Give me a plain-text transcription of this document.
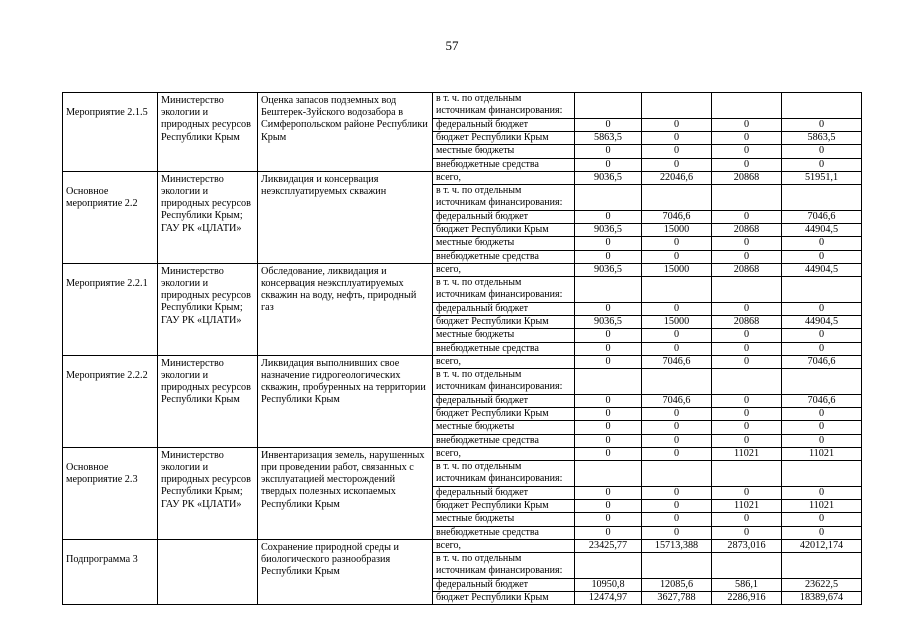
57
Мероприятие 2.1.5	Министерство экологии и природных ресурсов Республики Крым	Оценка запасов подземных вод Бештерек-Зуйского водозабора в Симферопольском районе Республики Крым	в т. ч. по отдельным источникам финансирования:				
			федеральный бюджет	0	0	0	0
			бюджет Республики Крым	5863,5	0	0	5863,5
			местные бюджеты	0	0	0	0
			внебюджетные средства	0	0	0	0
Основное мероприятие 2.2	Министерство экологии и природных ресурсов Республики Крым; ГАУ РК «ЦЛАТИ»	Ликвидация и консервация неэксплуатируемых скважин	всего,	9036,5	22046,6	20868	51951,1
			в т. ч. по отдельным источникам финансирования:				
			федеральный бюджет	0	7046,6	0	7046,6
			бюджет Республики Крым	9036,5	15000	20868	44904,5
			местные бюджеты	0	0	0	0
			внебюджетные средства	0	0	0	0
Мероприятие 2.2.1	Министерство экологии и природных ресурсов Республики Крым; ГАУ РК «ЦЛАТИ»	Обследование, ликвидация и консервация неэксплуатируемых скважин на воду, нефть, природный газ	всего,	9036,5	15000	20868	44904,5
			в т. ч. по отдельным источникам финансирования:				
			федеральный бюджет	0	0	0	0
			бюджет Республики Крым	9036,5	15000	20868	44904,5
			местные бюджеты	0	0	0	0
			внебюджетные средства	0	0	0	0
Мероприятие 2.2.2	Министерство экологии и природных ресурсов Республики Крым	Ликвидация выполнивших свое назначение гидрогеологических скважин, пробуренных на территории Республики Крым	всего,	0	7046,6	0	7046,6
			в т. ч. по отдельным источникам финансирования:				
			федеральный бюджет	0	7046,6	0	7046,6
			бюджет Республики Крым	0	0	0	0
			местные бюджеты	0	0	0	0
			внебюджетные средства	0	0	0	0
Основное мероприятие 2.3	Министерство экологии и природных ресурсов Республики Крым; ГАУ РК «ЦЛАТИ»	Инвентаризация земель, нарушенных при проведении работ, связанных с эксплуатацией месторождений твердых полезных ископаемых Республики Крым	всего,	0	0	11021	11021
			в т. ч. по отдельным источникам финансирования:				
			федеральный бюджет	0	0	0	0
			бюджет Республики Крым	0	0	11021	11021
			местные бюджеты	0	0	0	0
			внебюджетные средства	0	0	0	0
Подпрограмма 3		Сохранение природной среды и биологического разнообразия Республики Крым	всего,	23425,77	15713,388	2873,016	42012,174
			в т. ч. по отдельным источникам финансирования:				
			федеральный бюджет	10950,8	12085,6	586,1	23622,5
			бюджет Республики Крым	12474,97	3627,788	2286,916	18389,674
